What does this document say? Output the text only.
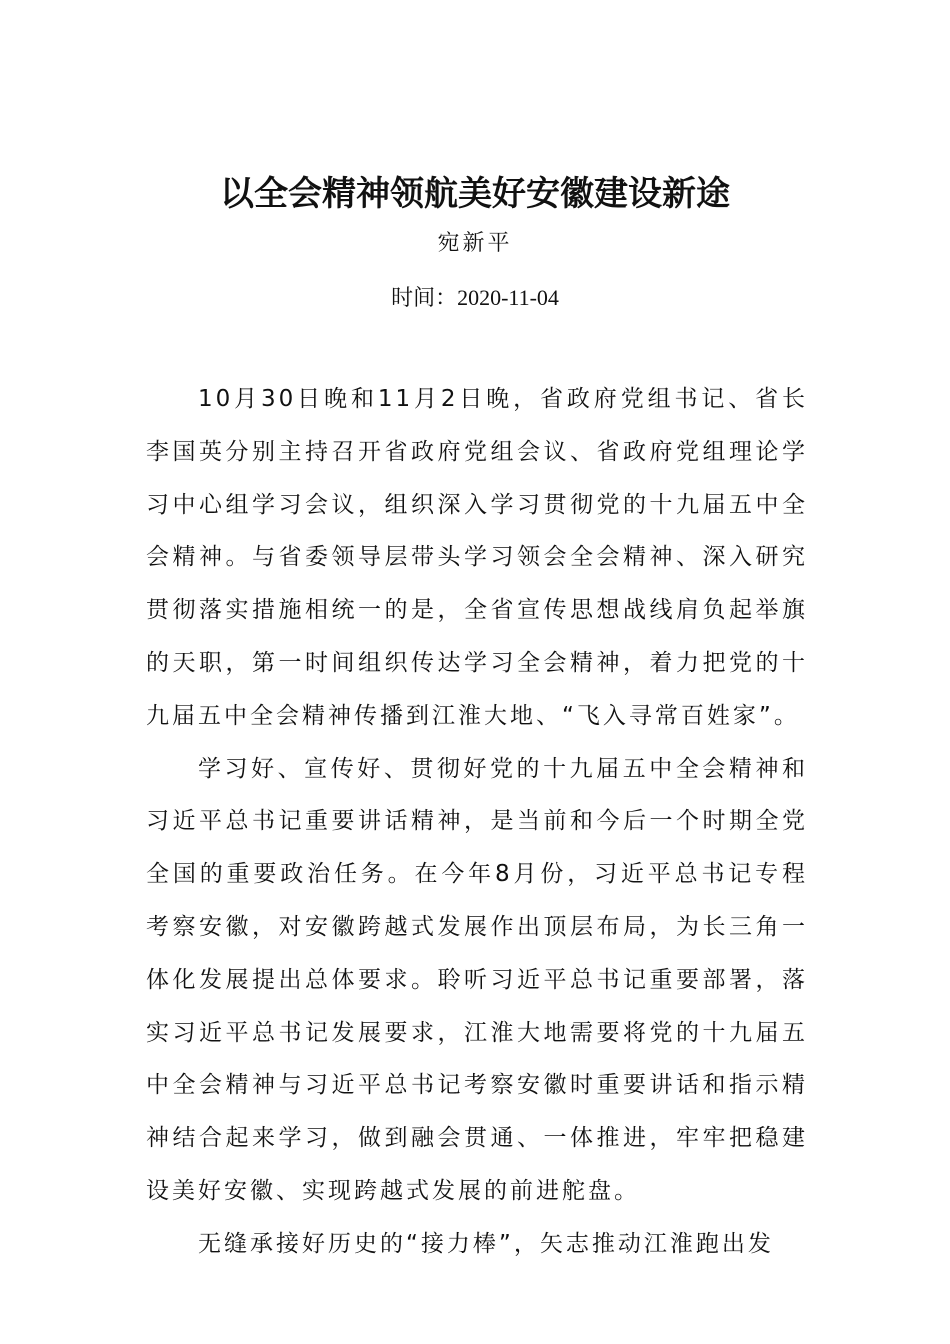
以全会精神领航美好安徽建设新途
宛新平
时间：2020-11-04

10月30日晚和11月2日晚，省政府党组书记、省长李国英分别主持召开省政府党组会议、省政府党组理论学习中心组学习会议，组织深入学习贯彻党的十九届五中全会精神。与省委领导层带头学习领会全会精神、深入研究贯彻落实措施相统一的是，全省宣传思想战线肩负起举旗的天职，第一时间组织传达学习全会精神，着力把党的十九届五中全会精神传播到江淮大地、“飞入寻常百姓家”。

学习好、宣传好、贯彻好党的十九届五中全会精神和习近平总书记重要讲话精神，是当前和今后一个时期全党全国的重要政治任务。在今年8月份，习近平总书记专程考察安徽，对安徽跨越式发展作出顶层布局，为长三角一体化发展提出总体要求。聆听习近平总书记重要部署，落实习近平总书记发展要求，江淮大地需要将党的十九届五中全会精神与习近平总书记考察安徽时重要讲话和指示精神结合起来学习，做到融会贯通、一体推进，牢牢把稳建设美好安徽、实现跨越式发展的前进舵盘。

无缝承接好历史的“接力棒”，矢志推动江淮跑出发
